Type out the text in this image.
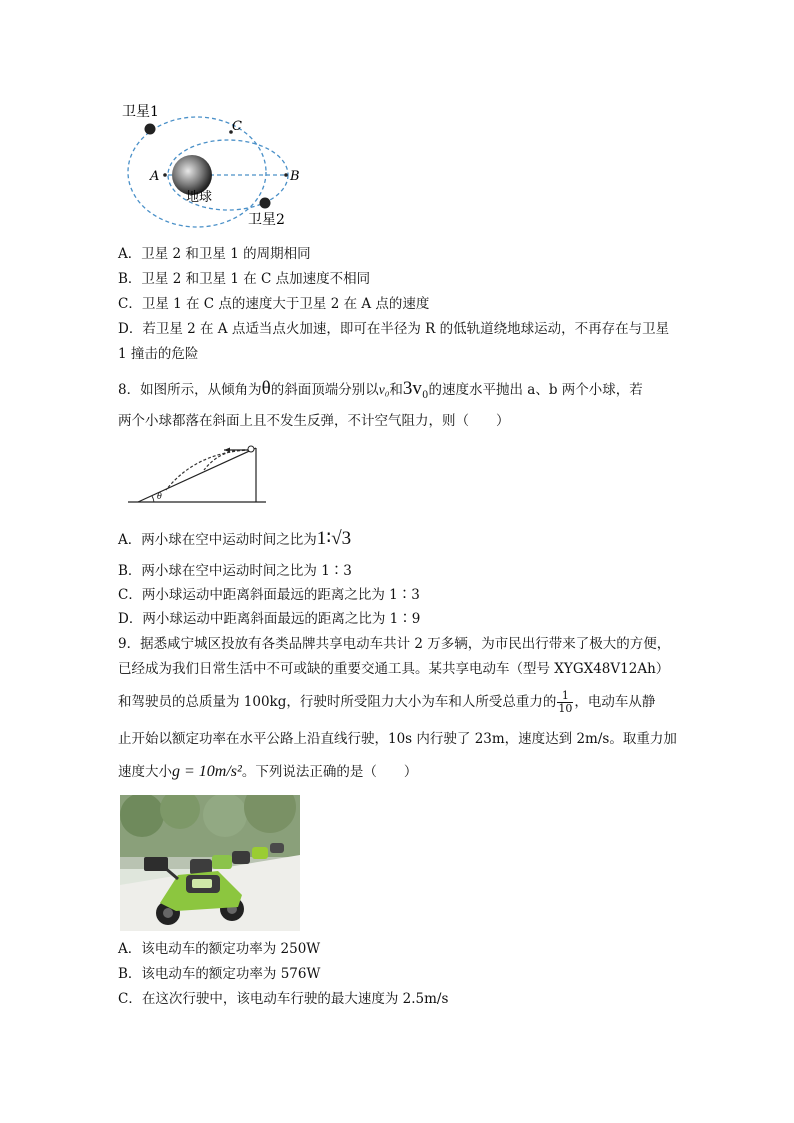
卫星1
卫星2
地球
A	B
C
A．卫星 2 和卫星 1 的周期相同
B．卫星 2 和卫星 1 在 C 点加速度不相同
C．卫星 1 在 C 点的速度大于卫星 2 在 A 点的速度
D．若卫星 2 在 A 点适当点火加速，即可在半径为 R 的低轨道绕地球运动，不再存在与卫星
1 撞击的危险
8．如图所示，从倾角为θ的斜面顶端分别以v₀和3v₀的速度水平抛出 a、b 两个小球，若
两个小球都落在斜面上且不发生反弹，不计空气阻力，则（　　）
θ
A．两小球在空中运动时间之比为1∶√3
B．两小球在空中运动时间之比为 1∶3
C．两小球运动中距离斜面最远的距离之比为 1∶3
D．两小球运动中距离斜面最远的距离之比为 1∶9
9．据悉咸宁城区投放有各类品牌共享电动车共计 2 万多辆，为市民出行带来了极大的方便，
已经成为我们日常生活中不可或缺的重要交通工具。某共享电动车（型号 XYGX48V12Ah）
和驾驶员的总质量为 100kg，行驶时所受阻力大小为车和人所受总重力的 $\frac{1}{10}$ ，电动车从静
止开始以额定功率在水平公路上沿直线行驶，10s 内行驶了 23m，速度达到 2m/s。取重力加
速度大小g = 10m/s²。下列说法正确的是（　　）
A．该电动车的额定功率为 250W
B．该电动车的额定功率为 576W
C．在这次行驶中，该电动车行驶的最大速度为 2.5m/s
